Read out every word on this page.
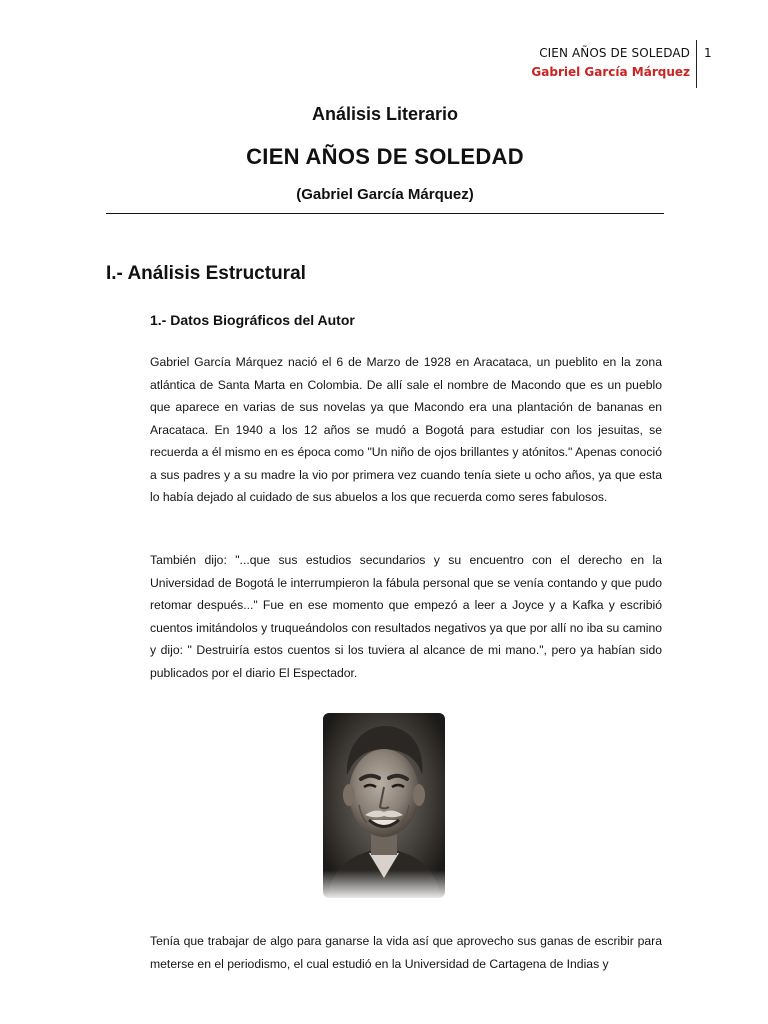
CIEN AÑOS DE SOLEDAD
Gabriel García Márquez
1
Análisis Literario
CIEN AÑOS DE SOLEDAD
(Gabriel García Márquez)
I.- Análisis Estructural
1.- Datos Biográficos del Autor

Gabriel García Márquez nació el 6 de Marzo de 1928 en Aracataca, un pueblito en la zona atlántica de Santa Marta en Colombia. De allí sale el nombre de Macondo que es un pueblo que aparece en varias de sus novelas ya que Macondo era una plantación de bananas en Aracataca. En 1940 a los 12 años se mudó a Bogotá para estudiar con los jesuitas, se recuerda a él mismo en es época como "Un niño de ojos brillantes y atónitos." Apenas conoció a sus padres y a su madre la vio por primera vez cuando tenía siete u ocho años, ya que esta lo había dejado al cuidado de sus abuelos a los que recuerda como seres fabulosos.

También dijo: "...que sus estudios secundarios y su encuentro con el derecho en la Universidad de Bogotá le interrumpieron la fábula personal que se venía contando y que pudo retomar después..." Fue en ese momento que empezó a leer a Joyce y a Kafka y escribió cuentos imitándolos y truqueándolos con resultados negativos ya que por allí no iba su camino y dijo: " Destruiría estos cuentos si los tuviera al alcance de mi mano.", pero ya habían sido publicados por el diario El Espectador.

Tenía que trabajar de algo para ganarse la vida así que aprovecho sus ganas de escribir para meterse en el periodismo, el cual estudió en la Universidad de Cartagena de Indias y
